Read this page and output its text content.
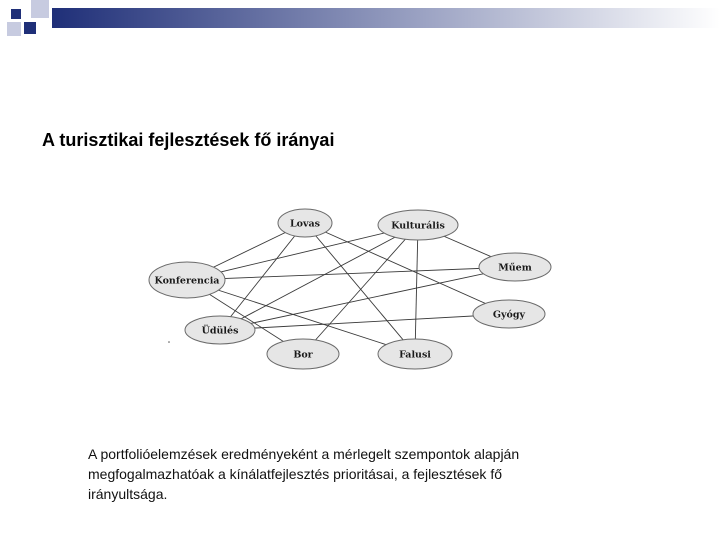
A turisztikai fejlesztések fő irányai
Lovas	Kulturális
Konferencia
Műem
Gyógy
Üdülés
Bor	Falusi
A portfolióelemzések eredményeként a mérlegelt szempontok alapján
megfogalmazhatóak a kínálatfejlesztés prioritásai, a fejlesztések fő
irányultsága.
